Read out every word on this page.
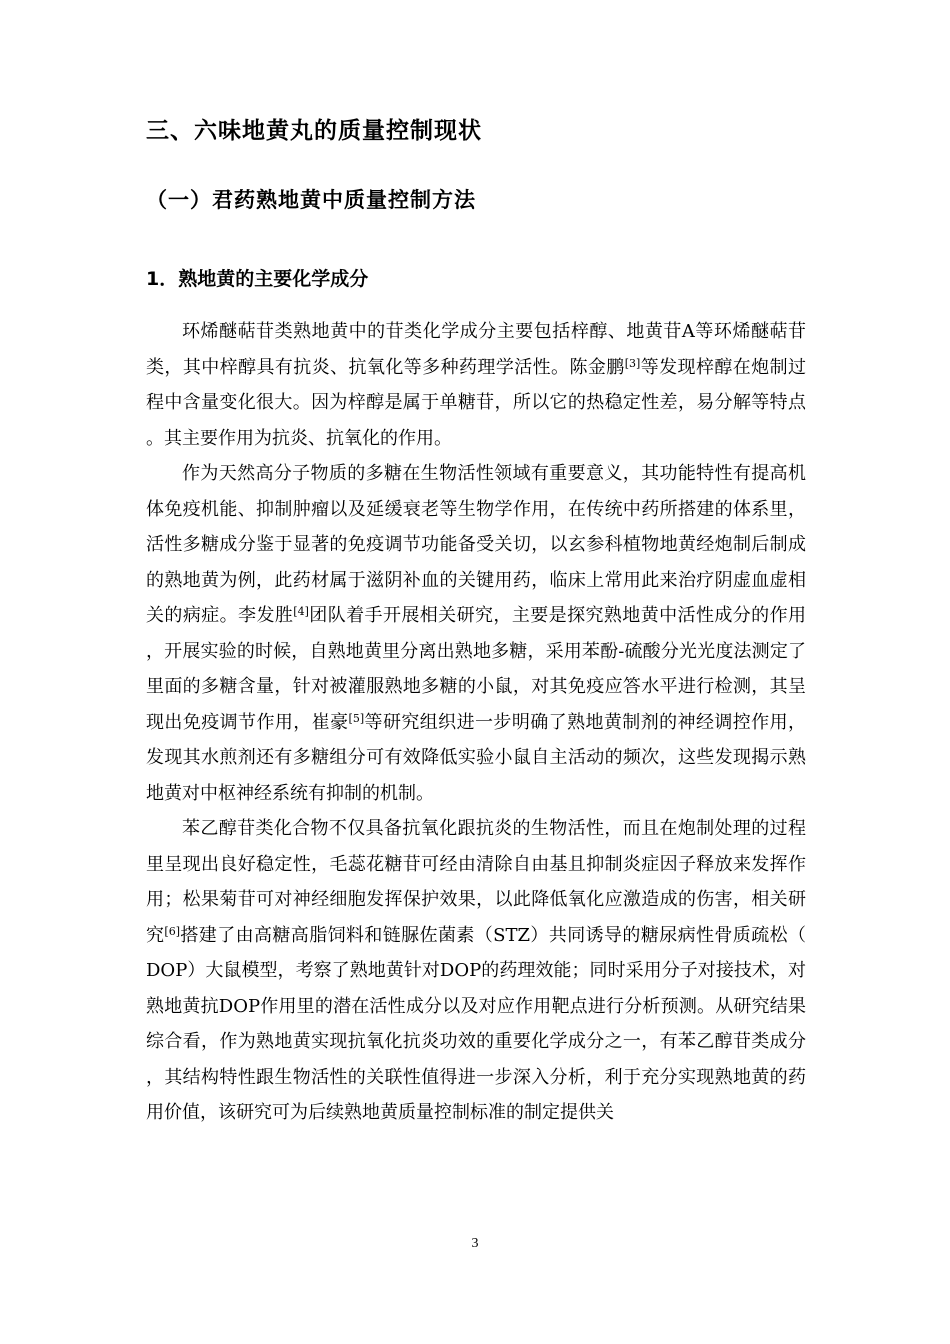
三、六味地黄丸的质量控制现状
（一）君药熟地黄中质量控制方法
1．熟地黄的主要化学成分

环烯醚萜苷类熟地黄中的苷类化学成分主要包括梓醇、地黄苷A等环烯醚萜苷类，其中梓醇具有抗炎、抗氧化等多种药理学活性。陈金鹏[3]等发现梓醇在炮制过程中含量变化很大。因为梓醇是属于单糖苷，所以它的热稳定性差，易分解等特点。其主要作用为抗炎、抗氧化的作用。

作为天然高分子物质的多糖在生物活性领域有重要意义，其功能特性有提高机体免疫机能、抑制肿瘤以及延缓衰老等生物学作用，在传统中药所搭建的体系里，活性多糖成分鉴于显著的免疫调节功能备受关切，以玄参科植物地黄经炮制后制成的熟地黄为例，此药材属于滋阴补血的关键用药，临床上常用此来治疗阴虚血虚相关的病症。李发胜[4]团队着手开展相关研究，主要是探究熟地黄中活性成分的作用，开展实验的时候，自熟地黄里分离出熟地多糖，采用苯酚-硫酸分光光度法测定了里面的多糖含量，针对被灌服熟地多糖的小鼠，对其免疫应答水平进行检测，其呈现出免疫调节作用，崔豪[5]等研究组织进一步明确了熟地黄制剂的神经调控作用，发现其水煎剂还有多糖组分可有效降低实验小鼠自主活动的频次，这些发现揭示熟地黄对中枢神经系统有抑制的机制。

苯乙醇苷类化合物不仅具备抗氧化跟抗炎的生物活性，而且在炮制处理的过程里呈现出良好稳定性，毛蕊花糖苷可经由清除自由基且抑制炎症因子释放来发挥作用；松果菊苷可对神经细胞发挥保护效果，以此降低氧化应激造成的伤害，相关研究[6]搭建了由高糖高脂饲料和链脲佐菌素（STZ）共同诱导的糖尿病性骨质疏松（DOP）大鼠模型，考察了熟地黄针对DOP的药理效能；同时采用分子对接技术，对熟地黄抗DOP作用里的潜在活性成分以及对应作用靶点进行分析预测。从研究结果综合看，作为熟地黄实现抗氧化抗炎功效的重要化学成分之一，有苯乙醇苷类成分，其结构特性跟生物活性的关联性值得进一步深入分析，利于充分实现熟地黄的药用价值，该研究可为后续熟地黄质量控制标准的制定提供关

3
